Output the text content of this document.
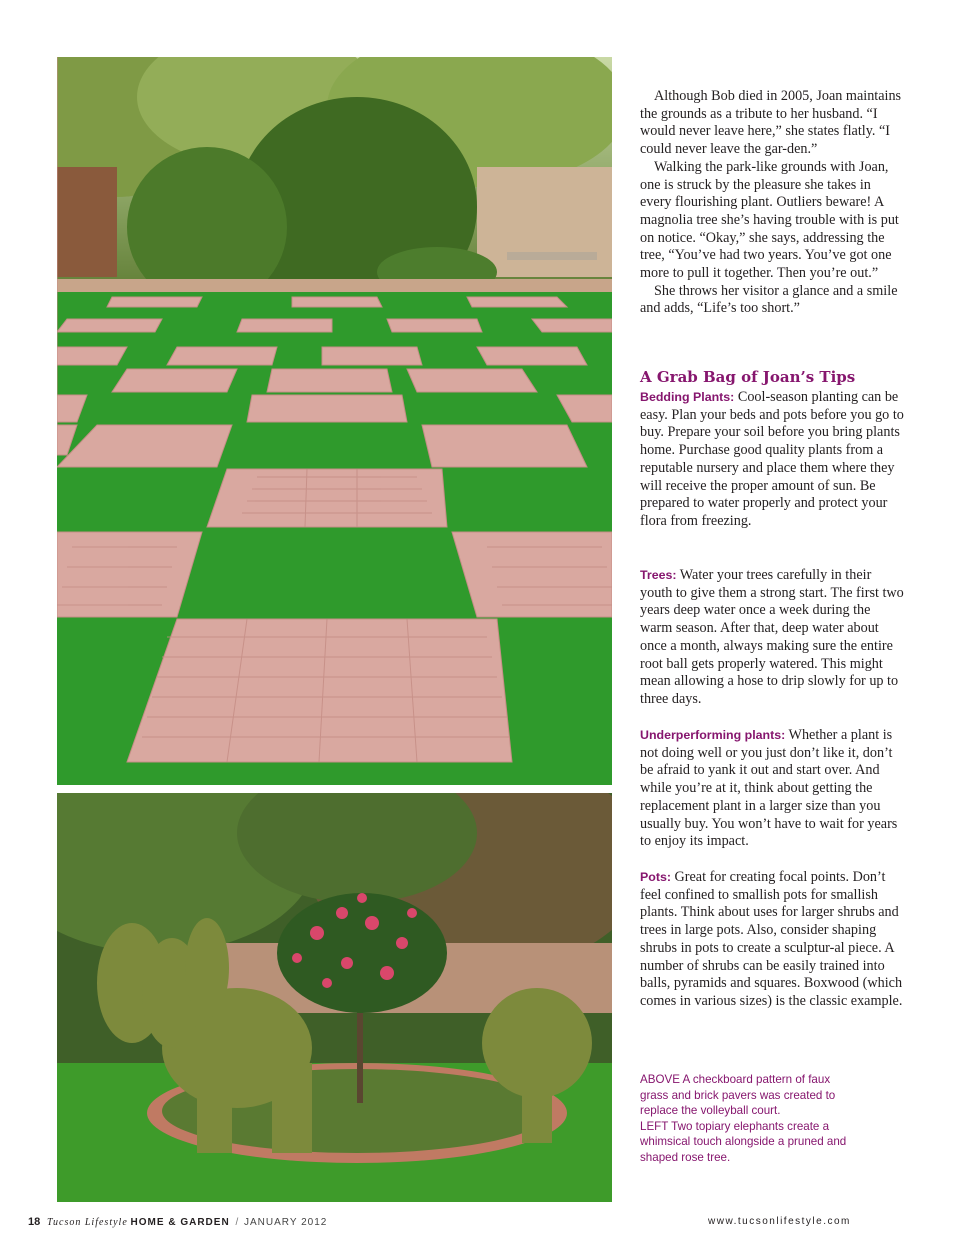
Although Bob died in 2005, Joan maintains the grounds as a tribute to her husband. “I would never leave here,” she states flatly. “I could never leave the gar-den.”

Walking the park-like grounds with Joan, one is struck by the pleasure she takes in every flourishing plant. Outliers beware! A magnolia tree she’s having trouble with is put on notice. “Okay,” she says, addressing the tree, “You’ve had two years. You’ve got one more to pull it together. Then you’re out.”

She throws her visitor a glance and a smile and adds, “Life’s too short.”

A Grab Bag of Joan’s Tips

Bedding Plants: Cool-season planting can be easy. Plan your beds and pots before you go to buy. Prepare your soil before you bring plants home. Purchase good quality plants from a reputable nursery and place them where they will receive the proper amount of sun. Be prepared to water properly and protect your flora from freezing.

Trees: Water your trees carefully in their youth to give them a strong start. The first two years deep water once a week during the warm season. After that, deep water about once a month, always making sure the entire root ball gets properly watered. This might mean allowing a hose to drip slowly for up to three days.

Underperforming plants: Whether a plant is not doing well or you just don’t like it, don’t be afraid to yank it out and start over. And while you’re at it, think about getting the replacement plant in a larger size than you usually buy. You won’t have to wait for years to enjoy its impact.

Pots: Great for creating focal points. Don’t feel confined to smallish pots for smallish plants. Think about uses for larger shrubs and trees in large pots. Also, consider shaping shrubs in pots to create a sculptur-al piece. A number of shrubs can be easily trained into balls, pyramids and squares. Boxwood (which comes in various sizes) is the classic example.

ABOVE A checkboard pattern of faux grass and brick pavers was created to replace the volleyball court.

LEFT Two topiary elephants create a whimsical touch alongside a pruned and shaped rose tree.

18 Tucson Lifestyle HOME & GARDEN / JANUARY 2012	www.tucsonlifestyle.com
